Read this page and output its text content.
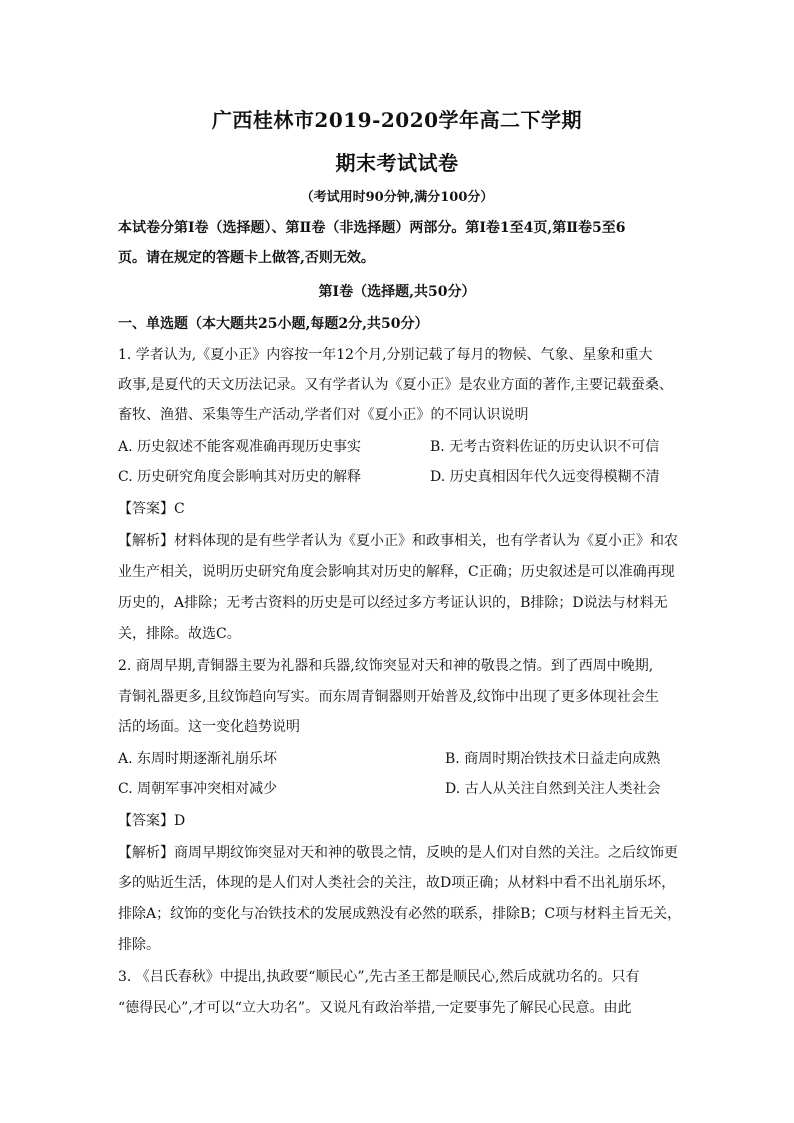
广西桂林市2019-2020学年高二下学期
期末考试试卷
（考试用时90分钟,满分100分）
本试卷分第Ⅰ卷（选择题）、第Ⅱ卷（非选择题）两部分。第Ⅰ卷1至4页,第Ⅱ卷5至6
页。请在规定的答题卡上做答,否则无效。
第Ⅰ卷（选择题,共50分）
一、单选题（本大题共25小题,每题2分,共50分）
1. 学者认为,《夏小正》内容按一年12个月,分别记载了每月的物候、气象、星象和重大
政事,是夏代的天文历法记录。又有学者认为《夏小正》是农业方面的著作,主要记载蚕桑、
畜牧、渔猎、采集等生产活动,学者们对《夏小正》的不同认识说明
A. 历史叙述不能客观准确再现历史事实	B. 无考古资料佐证的历史认识不可信
C. 历史研究角度会影响其对历史的解释	D. 历史真相因年代久远变得模糊不清
【答案】C
【解析】材料体现的是有些学者认为《夏小正》和政事相关，也有学者认为《夏小正》和农
业生产相关，说明历史研究角度会影响其对历史的解释，C正确；历史叙述是可以准确再现
历史的，A排除；无考古资料的历史是可以经过多方考证认识的，B排除；D说法与材料无
关，排除。故选C。
2. 商周早期,青铜器主要为礼器和兵器,纹饰突显对天和神的敬畏之情。到了西周中晚期,
青铜礼器更多,且纹饰趋向写实。而东周青铜器则开始普及,纹饰中出现了更多体现社会生
活的场面。这一变化趋势说明
A. 东周时期逐渐礼崩乐坏	B. 商周时期冶铁技术日益走向成熟
C. 周朝军事冲突相对减少	D. 古人从关注自然到关注人类社会
【答案】D
【解析】商周早期纹饰突显对天和神的敬畏之情，反映的是人们对自然的关注。之后纹饰更
多的贴近生活，体现的是人们对人类社会的关注，故D项正确；从材料中看不出礼崩乐坏，
排除A；纹饰的变化与冶铁技术的发展成熟没有必然的联系，排除B；C项与材料主旨无关，
排除。
3. 《吕氏春秋》中提出,执政要“顺民心”,先古圣王都是顺民心,然后成就功名的。只有
“德得民心”,才可以“立大功名”。又说凡有政治举措,一定要事先了解民心民意。由此
